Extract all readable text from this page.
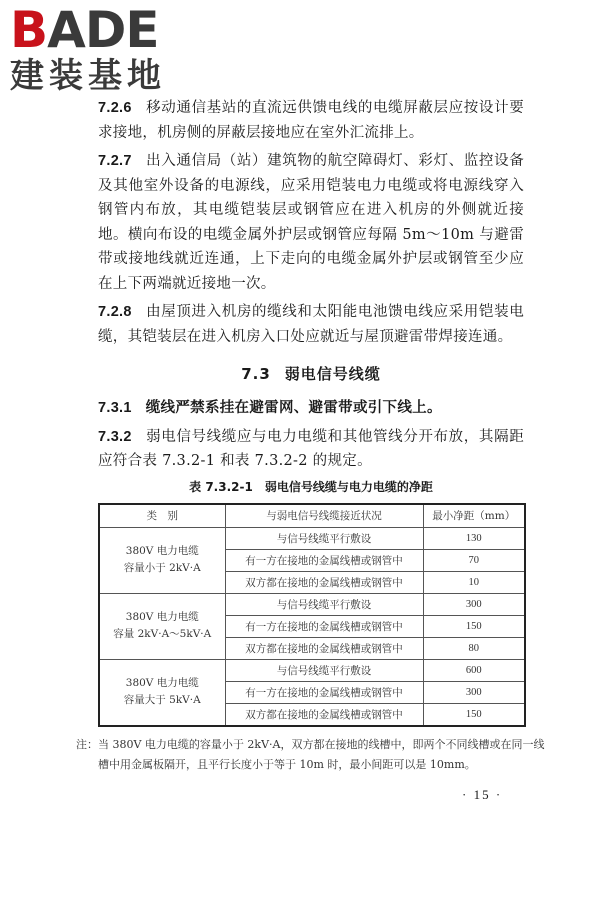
BADE
建装基地

7.2.6 移动通信基站的直流远供馈电线的电缆屏蔽层应按设计要求接地，机房侧的屏蔽层接地应在室外汇流排上。

7.2.7 出入通信局（站）建筑物的航空障碍灯、彩灯、监控设备及其他室外设备的电源线，应采用铠装电力电缆或将电源线穿入钢管内布放，其电缆铠装层或钢管应在进入机房的外侧就近接地。横向布设的电缆金属外护层或钢管应每隔 5m～10m 与避雷带或接地线就近连通，上下走向的电缆金属外护层或钢管至少应在上下两端就近接地一次。

7.2.8 由屋顶进入机房的缆线和太阳能电池馈电线应采用铠装电缆，其铠装层在进入机房入口处应就近与屋顶避雷带焊接连通。

7.3 弱电信号线缆

7.3.1 缆线严禁系挂在避雷网、避雷带或引下线上。

7.3.2 弱电信号线缆应与电力电缆和其他管线分开布放，其隔距应符合表 7.3.2-1 和表 7.3.2-2 的规定。

表 7.3.2-1 弱电信号线缆与电力电缆的净距
类　别	与弱电信号线缆接近状况	最小净距（mm）
380V 电力电缆
容量小于 2kV·A	与信号线缆平行敷设	130
	有一方在接地的金属线槽或钢管中	70
	双方都在接地的金属线槽或钢管中	10
380V 电力电缆
容量 2kV·A～5kV·A	与信号线缆平行敷设	300
	有一方在接地的金属线槽或钢管中	150
	双方都在接地的金属线槽或钢管中	80
380V 电力电缆
容量大于 5kV·A	与信号线缆平行敷设	600
	有一方在接地的金属线槽或钢管中	300
	双方都在接地的金属线槽或钢管中	150
注： 当 380V 电力电缆的容量小于 2kV·A，双方都在接地的线槽中，即两个不同线槽或在同一线槽中用金属板隔开，且平行长度小于等于 10m 时，最小间距可以是 10mm。
· 15 ·
